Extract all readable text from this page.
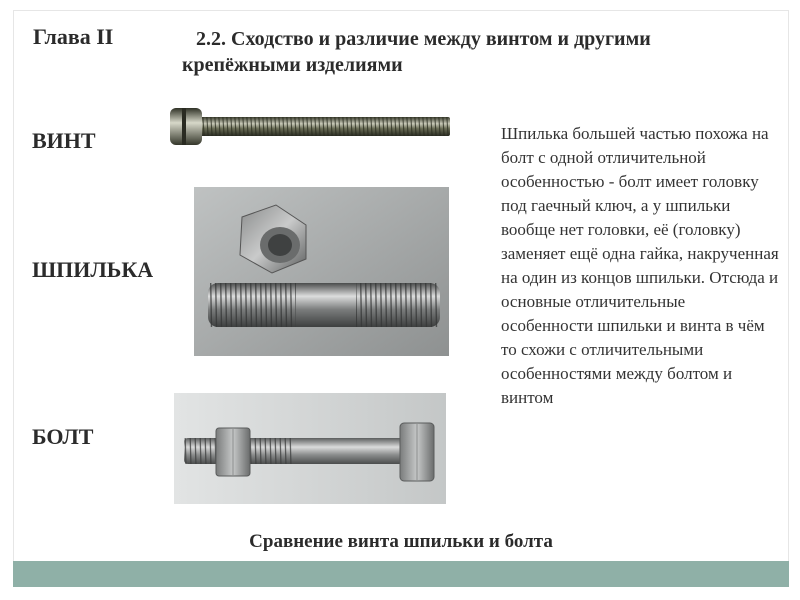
Глава II	2.2. Сходство и различие между винтом и другими
крепёжными изделиями
ВИНТ
ШПИЛЬКА
БОЛТ
Шпилька большей частью похожа на болт с одной отличительной особенностью - болт имеет головку под гаечный ключ, а у шпильки вообще нет головки, её (головку) заменяет ещё одна гайка, накрученная на один из концов шпильки. Отсюда и основные отличительные особенности шпильки и винта в чём то схожи с отличительными особенностями между болтом и винтом
Сравнение винта шпильки и болта
